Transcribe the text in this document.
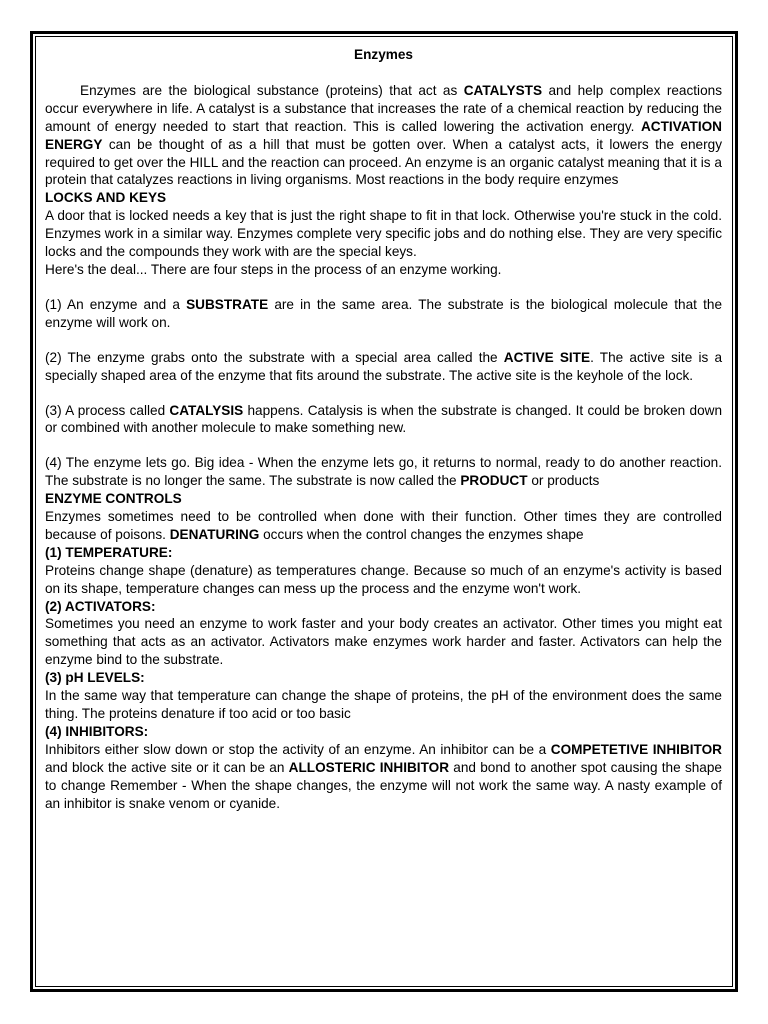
Enzymes

Enzymes are the biological substance (proteins) that act as CATALYSTS and help complex reactions occur everywhere in life. A catalyst is a substance that increases the rate of a chemical reaction by reducing the amount of energy needed to start that reaction. This is called lowering the activation energy. ACTIVATION ENERGY can be thought of as a hill that must be gotten over. When a catalyst acts, it lowers the energy required to get over the HILL and the reaction can proceed. An enzyme is an organic catalyst meaning that it is a protein that catalyzes reactions in living organisms. Most reactions in the body require enzymes

LOCKS AND KEYS

A door that is locked needs a key that is just the right shape to fit in that lock. Otherwise you're stuck in the cold. Enzymes work in a similar way. Enzymes complete very specific jobs and do nothing else. They are very specific locks and the compounds they work with are the special keys.

Here's the deal... There are four steps in the process of an enzyme working.

(1) An enzyme and a SUBSTRATE are in the same area. The substrate is the biological molecule that the enzyme will work on.

(2) The enzyme grabs onto the substrate with a special area called the ACTIVE SITE. The active site is a specially shaped area of the enzyme that fits around the substrate. The active site is the keyhole of the lock.

(3) A process called CATALYSIS happens. Catalysis is when the substrate is changed. It could be broken down or combined with another molecule to make something new.

(4) The enzyme lets go. Big idea - When the enzyme lets go, it returns to normal, ready to do another reaction. The substrate is no longer the same. The substrate is now called the PRODUCT or products

ENZYME CONTROLS

Enzymes sometimes need to be controlled when done with their function. Other times they are controlled because of poisons. DENATURING occurs when the control changes the enzymes shape

(1) TEMPERATURE:

Proteins change shape (denature) as temperatures change. Because so much of an enzyme's activity is based on its shape, temperature changes can mess up the process and the enzyme won't work.

(2) ACTIVATORS:

Sometimes you need an enzyme to work faster and your body creates an activator. Other times you might eat something that acts as an activator. Activators make enzymes work harder and faster. Activators can help the enzyme bind to the substrate.

(3) pH LEVELS:

In the same way that temperature can change the shape of proteins, the pH of the environment does the same thing. The proteins denature if too acid or too basic

(4) INHIBITORS:

Inhibitors either slow down or stop the activity of an enzyme. An inhibitor can be a COMPETETIVE INHIBITOR and block the active site or it can be an ALLOSTERIC INHIBITOR and bond to another spot causing the shape to change Remember - When the shape changes, the enzyme will not work the same way. A nasty example of an inhibitor is snake venom or cyanide.
